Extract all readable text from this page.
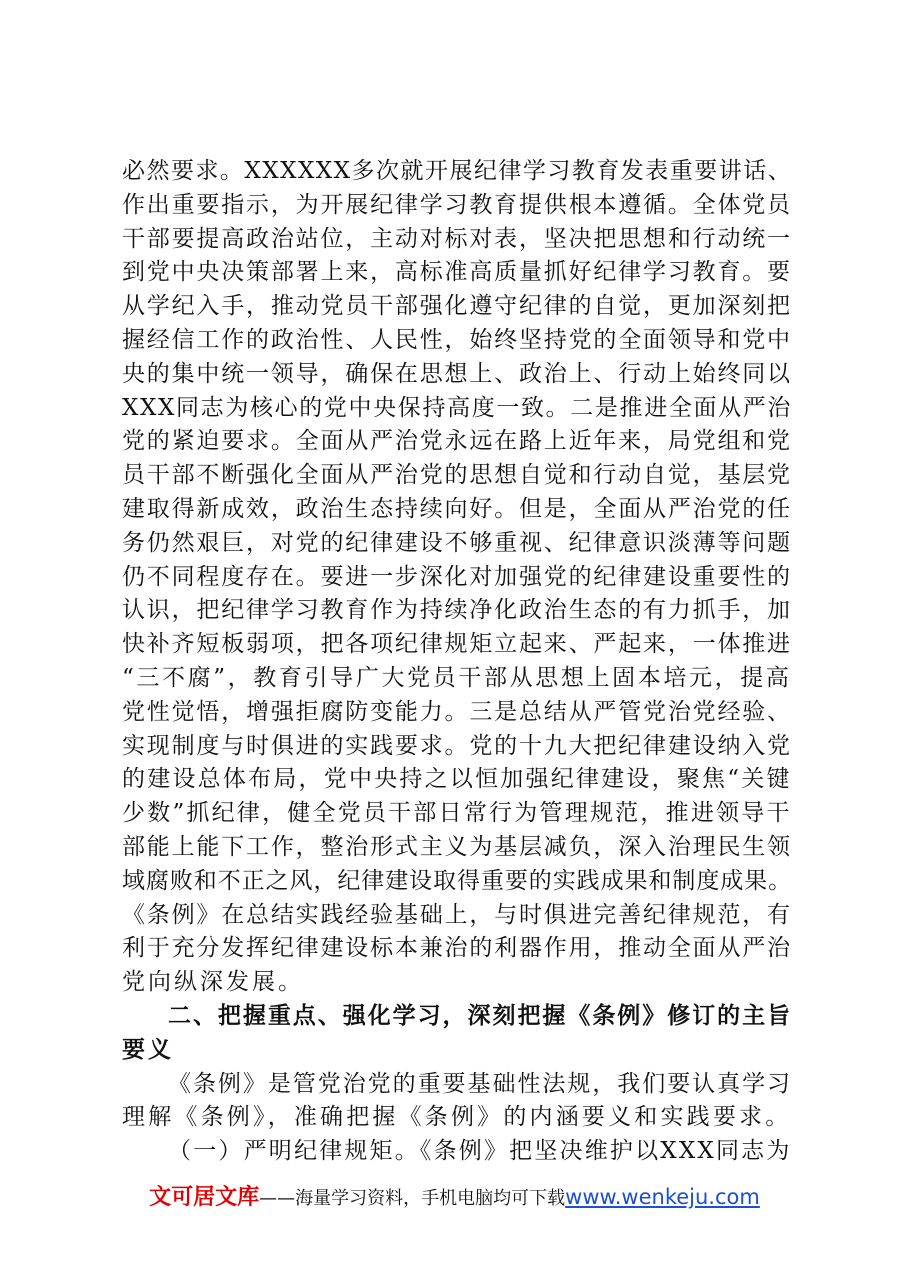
必然要求。XXXXXX多次就开展纪律学习教育发表重要讲话、
作出重要指示，为开展纪律学习教育提供根本遵循。全体党员
干部要提高政治站位，主动对标对表，坚决把思想和行动统一
到党中央决策部署上来，高标准高质量抓好纪律学习教育。要
从学纪入手，推动党员干部强化遵守纪律的自觉，更加深刻把
握经信工作的政治性、人民性，始终坚持党的全面领导和党中
央的集中统一领导，确保在思想上、政治上、行动上始终同以
XXX同志为核心的党中央保持高度一致。二是推进全面从严治
党的紧迫要求。全面从严治党永远在路上近年来，局党组和党
员干部不断强化全面从严治党的思想自觉和行动自觉，基层党
建取得新成效，政治生态持续向好。但是，全面从严治党的任
务仍然艰巨，对党的纪律建设不够重视、纪律意识淡薄等问题
仍不同程度存在。要进一步深化对加强党的纪律建设重要性的
认识，把纪律学习教育作为持续净化政治生态的有力抓手，加
快补齐短板弱项，把各项纪律规矩立起来、严起来，一体推进
“三不腐”，教育引导广大党员干部从思想上固本培元，提高
党性觉悟，增强拒腐防变能力。三是总结从严管党治党经验、
实现制度与时俱进的实践要求。党的十九大把纪律建设纳入党
的建设总体布局，党中央持之以恒加强纪律建设，聚焦“关键
少数”抓纪律，健全党员干部日常行为管理规范，推进领导干
部能上能下工作，整治形式主义为基层减负，深入治理民生领
域腐败和不正之风，纪律建设取得重要的实践成果和制度成果。
《条例》在总结实践经验基础上，与时俱进完善纪律规范，有
利于充分发挥纪律建设标本兼治的利器作用，推动全面从严治
党向纵深发展。
二、把握重点、强化学习，深刻把握《条例》修订的主旨
要义
《条例》是管党治党的重要基础性法规，我们要认真学习
理解《条例》，准确把握《条例》的内涵要义和实践要求。
（一）严明纪律规矩。《条例》把坚决维护以XXX同志为
文可居文库——海量学习资料，手机电脑均可下载www.wenkeju.com
